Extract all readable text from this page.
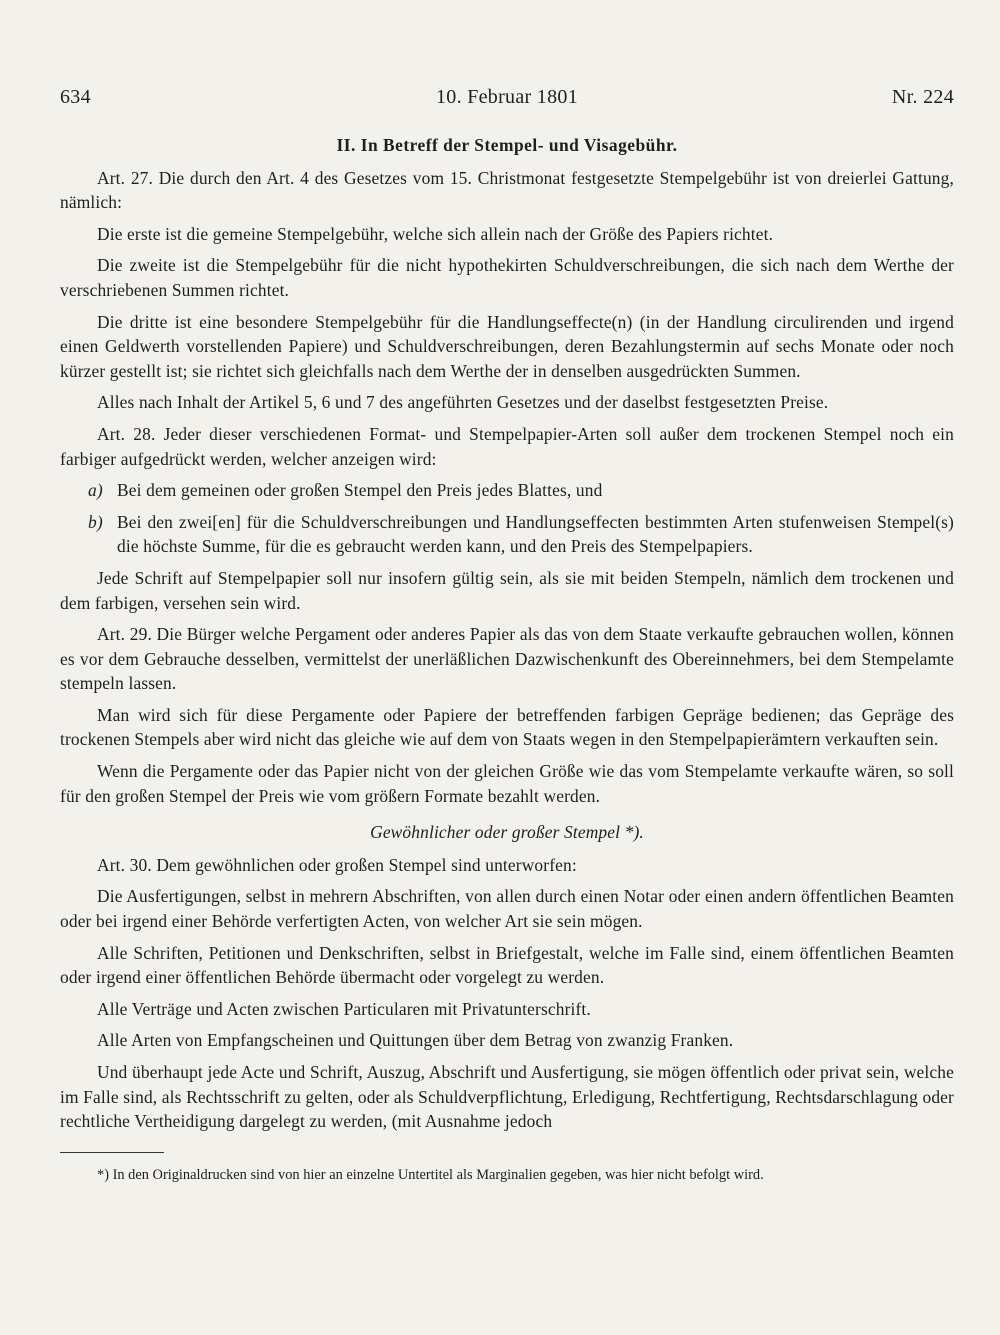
10. Februar 1801
634	Nr. 224

II. In Betreff der Stempel- und Visagebühr.

Art. 27. Die durch den Art. 4 des Gesetzes vom 15. Christmonat festgesetzte Stempelgebühr ist von dreierlei Gattung, nämlich:

Die erste ist die gemeine Stempelgebühr, welche sich allein nach der Größe des Papiers richtet.

Die zweite ist die Stempelgebühr für die nicht hypothekirten Schuldverschreibungen, die sich nach dem Werthe der verschriebenen Summen richtet.

Die dritte ist eine besondere Stempelgebühr für die Handlungseffecte(n) (in der Handlung circulirenden und irgend einen Geldwerth vorstellenden Papiere) und Schuldverschreibungen, deren Bezahlungstermin auf sechs Monate oder noch kürzer gestellt ist; sie richtet sich gleichfalls nach dem Werthe der in denselben ausgedrückten Summen.

Alles nach Inhalt der Artikel 5, 6 und 7 des angeführten Gesetzes und der daselbst festgesetzten Preise.

Art. 28. Jeder dieser verschiedenen Format- und Stempelpapier-Arten soll außer dem trockenen Stempel noch ein farbiger aufgedrückt werden, welcher anzeigen wird:

a) Bei dem gemeinen oder großen Stempel den Preis jedes Blattes, und

b) Bei den zwei[en] für die Schuldverschreibungen und Handlungseffecten bestimmten Arten stufenweisen Stempel(s) die höchste Summe, für die es gebraucht werden kann, und den Preis des Stempelpapiers.

Jede Schrift auf Stempelpapier soll nur insofern gültig sein, als sie mit beiden Stempeln, nämlich dem trockenen und dem farbigen, versehen sein wird.

Art. 29. Die Bürger welche Pergament oder anderes Papier als das von dem Staate verkaufte gebrauchen wollen, können es vor dem Gebrauche desselben, vermittelst der unerläßlichen Dazwischenkunft des Obereinnehmers, bei dem Stempelamte stempeln lassen.

Man wird sich für diese Pergamente oder Papiere der betreffenden farbigen Gepräge bedienen; das Gepräge des trockenen Stempels aber wird nicht das gleiche wie auf dem von Staats wegen in den Stempelpapierämtern verkauften sein.

Wenn die Pergamente oder das Papier nicht von der gleichen Größe wie das vom Stempelamte verkaufte wären, so soll für den großen Stempel der Preis wie vom größern Formate bezahlt werden.

Gewöhnlicher oder großer Stempel *).

Art. 30. Dem gewöhnlichen oder großen Stempel sind unterworfen:

Die Ausfertigungen, selbst in mehrern Abschriften, von allen durch einen Notar oder einen andern öffentlichen Beamten oder bei irgend einer Behörde verfertigten Acten, von welcher Art sie sein mögen.

Alle Schriften, Petitionen und Denkschriften, selbst in Briefgestalt, welche im Falle sind, einem öffentlichen Beamten oder irgend einer öffentlichen Behörde übermacht oder vorgelegt zu werden.

Alle Verträge und Acten zwischen Particularen mit Privatunterschrift.

Alle Arten von Empfangscheinen und Quittungen über dem Betrag von zwanzig Franken.

Und überhaupt jede Acte und Schrift, Auszug, Abschrift und Ausfertigung, sie mögen öffentlich oder privat sein, welche im Falle sind, als Rechtsschrift zu gelten, oder als Schuldverpflichtung, Erledigung, Rechtfertigung, Rechtsdarschlagung oder rechtliche Vertheidigung dargelegt zu werden, (mit Ausnahme jedoch

*) In den Originaldrucken sind von hier an einzelne Untertitel als Marginalien gegeben, was hier nicht befolgt wird.
